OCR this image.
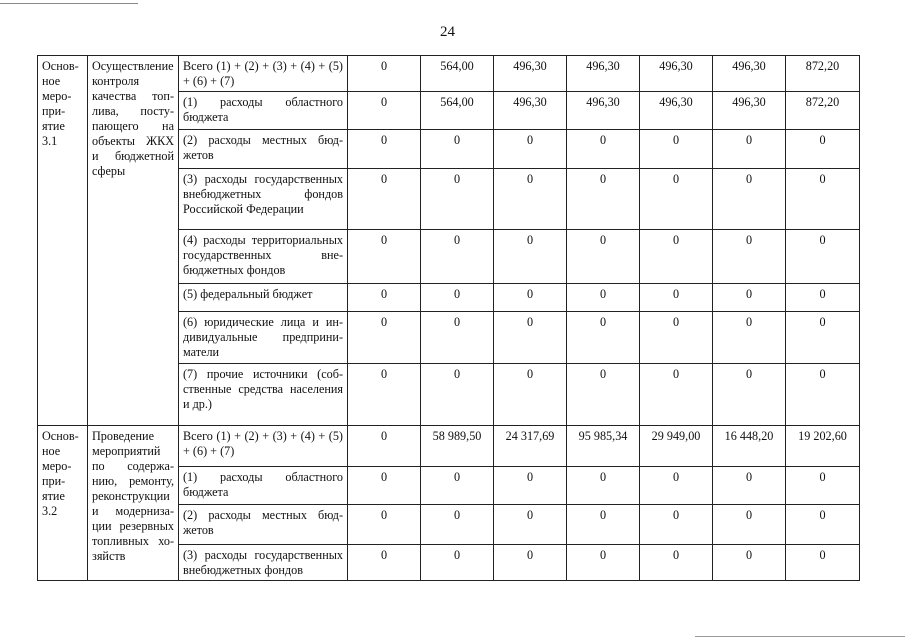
24
Основное мероприятие 3.1	Осуществление контроля качества топлива, поступающего на объекты ЖКХ и бюджетной сферы	Всего (1) + (2) + (3) + (4) + (5) + (6) + (7)	0	564,00	496,30	496,30	496,30	496,30	872,20
		(1) расходы областного бюджета	0	564,00	496,30	496,30	496,30	496,30	872,20
		(2) расходы местных бюджетов	0	0	0	0	0	0	0
		(3) расходы государственных внебюджетных фондов Российской Федерации	0	0	0	0	0	0	0
		(4) расходы территориальных государственных внебюджетных фондов	0	0	0	0	0	0	0
		(5) федеральный бюджет	0	0	0	0	0	0	0
		(6) юридические лица и индивидуальные предприниматели	0	0	0	0	0	0	0
		(7) прочие источники (собственные средства населения и др.)	0	0	0	0	0	0	0
Основное мероприятие 3.2	Проведение мероприятий по содержанию, ремонту, реконструкции и модернизации резервных топливных хозяйств	Всего (1) + (2) + (3) + (4) + (5) + (6) + (7)	0	58 989,50	24 317,69	95 985,34	29 949,00	16 448,20	19 202,60
		(1) расходы областного бюджета	0	0	0	0	0	0	0
		(2) расходы местных бюджетов	0	0	0	0	0	0	0
		(3) расходы государственных внебюджетных фондов	0	0	0	0	0	0	0
